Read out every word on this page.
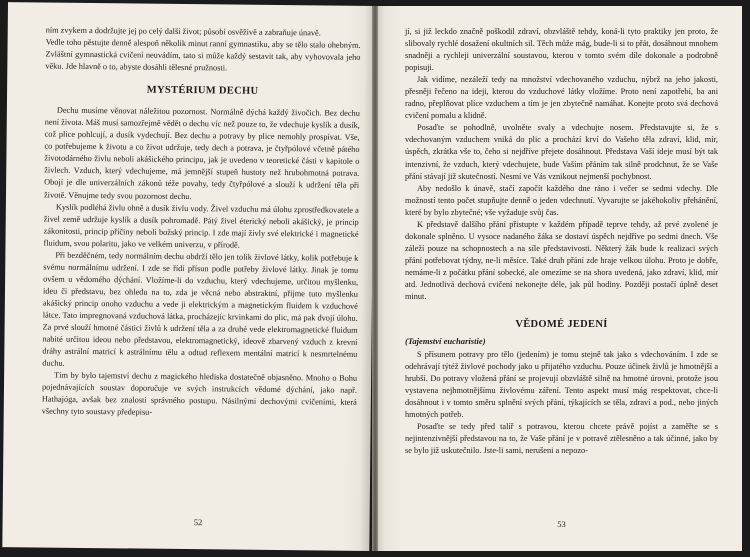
ním zvykem a dodržujte jej po celý další život; působí osvěživě a zabraňuje únavě.

Vedle toho pěstujte denně alespoň několik minut ranní gymnastiku, aby se tělo stalo ohebným. Zvláštní gymnastická cvičení neuvádím, tato si může každý sestavit tak, aby vyhovovala jeho věku. Jde hlavně o to, abyste dosáhli tělesné pružnosti.

MYSTÉRIUM DECHU

Dechu musíme věnovat náležitou pozornost. Normálně dýchá každý živočich. Bez dechu není života. Máš musí samozřejmě vědět o dechu víc než pouze to, že vdechuje kyslík a dusík, což plice pohlcují, a dusík vydechují. Bez dechu a potravy by plice nemohly prospívat. Vše, co potřebujeme k životu a co život udržuje, tedy dech a potrava, je čtyřpólové včetně pátého životodárného živlu neboli akášického principu, jak je uvedeno v teoretické části v kapitole o živlech. Vzduch, který vdechujeme, má jemnější stupeň hustoty než hrubohmotná potrava. Obojí je dle univerzálních zákonů téže povahy, tedy čtyřpólové a slouží k udržení těla při životě. Věnujme tedy svou pozornost dechu.

Kyslík podléhá živlu ohně a dusík živlu vody. Živel vzduchu má úlohu zprostředkovatele a živel země udržuje kyslík a dusík pohromadě. Pátý živel éterický neboli akášický, je princip zákonitosti, princip příčiny neboli božský princip. I zde mají živly své elektrické i magnetické fluidum, svou polaritu, jako ve velkém univerzu, v přírodě.

Při bezděčném, tedy normálním dechu obdrží tělo jen tolik živlové látky, kolik potřebuje k svému normálnímu udržení. I zde se řídí přísun podle potřeby živlové látky. Jinak je tomu ovšem u vědomého dýchání. Vložíme-li do vzduchu, který vdechujeme, určitou myšlenku, ideu či představu, bez ohledu na to, zda je věcná nebo abstraktní, přijme tuto myšlenku akášický princip onoho vzduchu a vede ji elektrickým a magnetickým fluidem k vzduchové látce. Tato impregnovaná vzduchová látka, procházejíc krvinkami do plic, má pak dvojí úlohu. Za prvé slouží hmotné částici živlů k udržení těla a za druhé vede elektromagnetické fluidum nabité určitou ideou nebo představou, elektromagnetický, ideově zbarvený vzduch z krevní dráhy astrální matricí k astrálnímu tělu a odtud reflexem mentální matricí k nesmrtelnému duchu.

Tím by bylo tajemství dechu z magického hlediska dostatečně objasněno. Mnoho o Bohu pojednávajících soustav doporučuje ve svých instrukcích vědomé dýchání, jako např. Hathajóga, avšak bez znalosti správného postupu. Násilnými dechovými cvičeními, která všechny tyto soustavy předepisu-

52

jí, si již leckdo značně poškodil zdraví, obzvláště tehdy, koná-li tyto praktiky jen proto, že slibovaly rychlé dosažení okultních sil. Těch může mág, bude-li si to přát, dosáhnout mnohem snadněji a rychleji univerzální soustavou, kterou v tomto svém díle dokonale a podrobně popisuji.

Jak vidíme, nezáleží tedy na množství vdechovaného vzduchu, nýbrž na jeho jakosti, přesněji řečeno na ideji, kterou do vzduchové látky vložíme. Proto není zapotřebí, ba ani radno, přeplňovat plíce vzduchem a tím je jen zbytečně namáhat. Konejte proto svá dechová cvičení pomalu a klidně.

Posaďte se pohodlně, uvolněte svaly a vdechujte nosem. Představujte si, že s vdechovaným vzduchem vniká do plic a prochází krví do Vašeho těla zdraví, klid, mír, úspěch, zkrátka vše to, čeho si nejdříve přejete dosáhnout. Představa Vaší ideje musí být tak intenzivní, že vzduch, který vdechujete, bude Vaším přáním tak silně prodchnut, že se Vaše přání stávají již skutečností. Nesmí ve Vás vznikout nejmenší pochybnost.

Aby nedošlo k únavě, stačí započít každého dne ráno i večer se sedmi vdechy. Dle možností tento počet stupňujte denně o jeden vdechnutí. Vyvarujte se jakéhokoliv přehánění, které by bylo zbytečné; vše vyžaduje svůj čas.

K představě dalšího přání přistupte v každém případě teprve tehdy, až prvé zvolené je dokonale splněno. U vysoce nadaného žáka se dostaví úspěch nejdříve po sedmi dnech. Vše záleží pouze na schopnostech a na síle představivosti. Některý žák bude k realizaci svých přání potřebovat týdny, ne-li měsíce. Také druh přání zde hraje velkou úlohu. Proto je dobře, nemáme-li z počátku přání sobecké, ale omezíme se na shora uvedená, jako zdraví, klid, mír atd. Jednotlivá dechová cvičení nekonejte déle, jak půl hodiny. Později postačí úplně deset minut.

VĚDOMÉ JEDENÍ
(Tajemství eucharistie)

S přísunem potravy pro tělo (jedením) je tomu stejně tak jako s vdechováním. I zde se odehrávají týtéž živlové pochody jako u přijatého vzduchu. Pouze účinek živlů je hmotnější a hrubší. Do potravy vložená přání se projevují obzvláště silně na hmotné úrovni, protože jsou vystavena nejhmotnějšímu živlovému záření. Tento aspekt musí mág respektovat, chce-li dosáhnout i v tomto směru splnění svých přání, týkajících se těla, zdraví a pod., nebo jiných hmotných potřeb.

Posaďte se tedy před talíř s potravou, kterou chcete právě pojíst a zaměřte se s nejintenzivnější představou na to, že Vaše přání je v potravě ztělesněno a tak účinné, jako by se bylo již uskutečnilo. Jste-li sami, nerušeni a nepozo-

53
